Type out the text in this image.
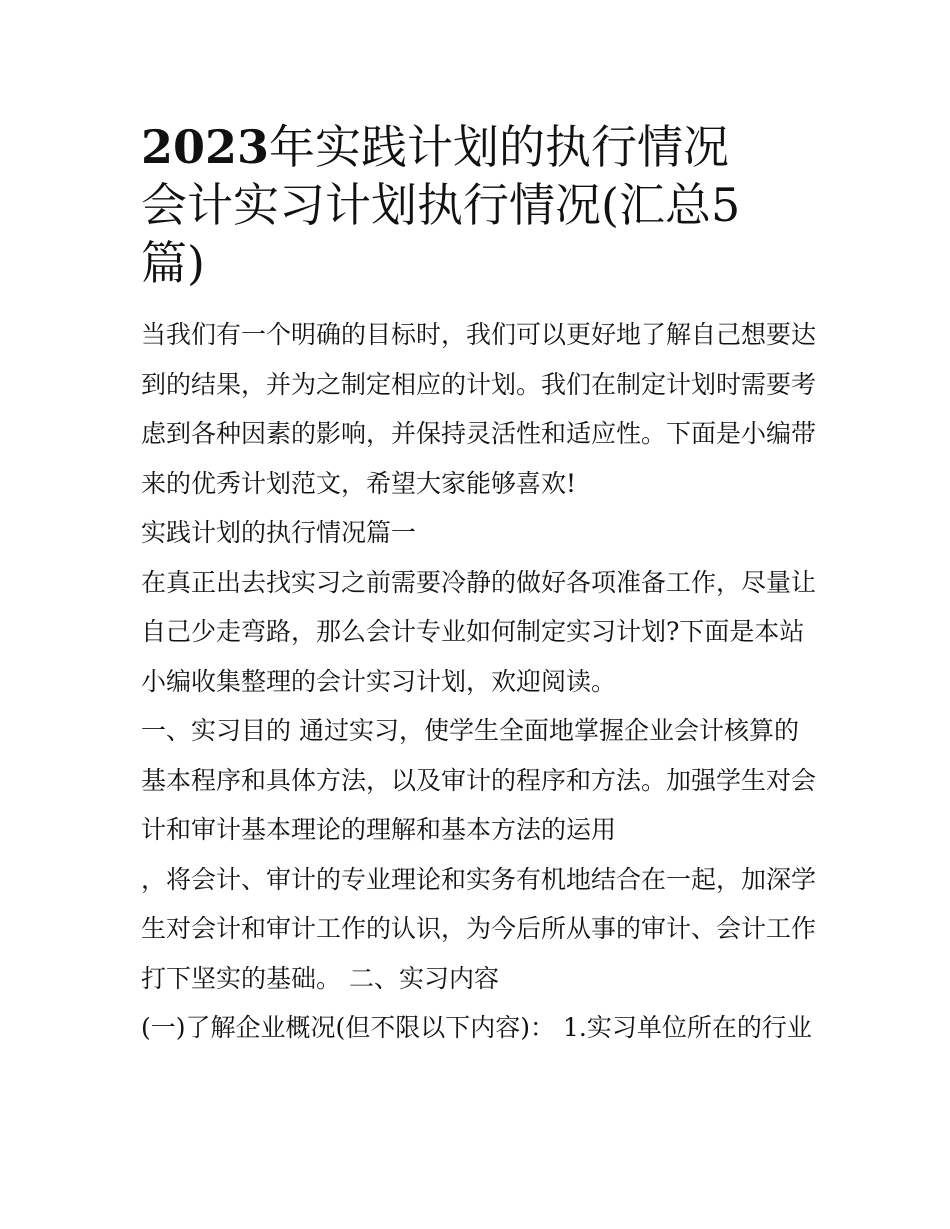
2023年实践计划的执行情况
会计实习计划执行情况(汇总5
篇)
当我们有一个明确的目标时，我们可以更好地了解自己想要达
到的结果，并为之制定相应的计划。我们在制定计划时需要考
虑到各种因素的影响，并保持灵活性和适应性。下面是小编带
来的优秀计划范文，希望大家能够喜欢!
实践计划的执行情况篇一
在真正出去找实习之前需要冷静的做好各项准备工作，尽量让
自己少走弯路，那么会计专业如何制定实习计划?下面是本站
小编收集整理的会计实习计划，欢迎阅读。
一、实习目的 通过实习，使学生全面地掌握企业会计核算的
基本程序和具体方法，以及审计的程序和方法。加强学生对会
计和审计基本理论的理解和基本方法的运用
，将会计、审计的专业理论和实务有机地结合在一起，加深学
生对会计和审计工作的认识，为今后所从事的审计、会计工作
打下坚实的基础。 二、实习内容
(一)了解企业概况(但不限以下内容)： 1.实习单位所在的行业
